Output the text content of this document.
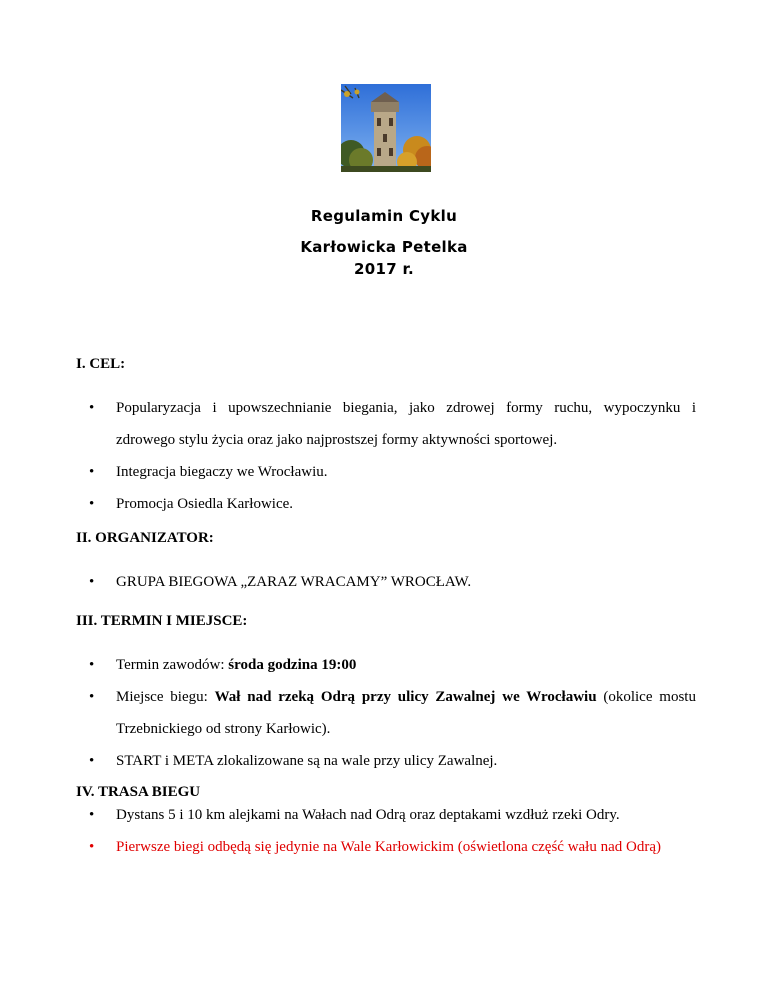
Regulamin Cyklu
Karłowicka Petelka
2017 r.
I. CEL:
• Popularyzacja i upowszechnianie biegania, jako zdrowej formy ruchu, wypoczynku i
zdrowego stylu życia oraz jako najprostszej formy aktywności sportowej.
• Integracja biegaczy we Wrocławiu.
• Promocja Osiedla Karłowice.
II. ORGANIZATOR:
• GRUPA BIEGOWA „ZARAZ WRACAMY” WROCŁAW.
III. TERMIN I MIEJSCE:
• Termin zawodów: środa godzina 19:00
• Miejsce biegu: Wał nad rzeką Odrą przy ulicy Zawalnej we Wrocławiu (okolice mostu
Trzebnickiego od strony Karłowic).
• START i META zlokalizowane są na wale przy ulicy Zawalnej.
IV. TRASA BIEGU
• Dystans 5 i 10 km alejkami na Wałach nad Odrą oraz deptakami wzdłuż rzeki Odry.
• Pierwsze biegi odbędą się jedynie na Wale Karłowickim (oświetlona część wału nad Odrą)
